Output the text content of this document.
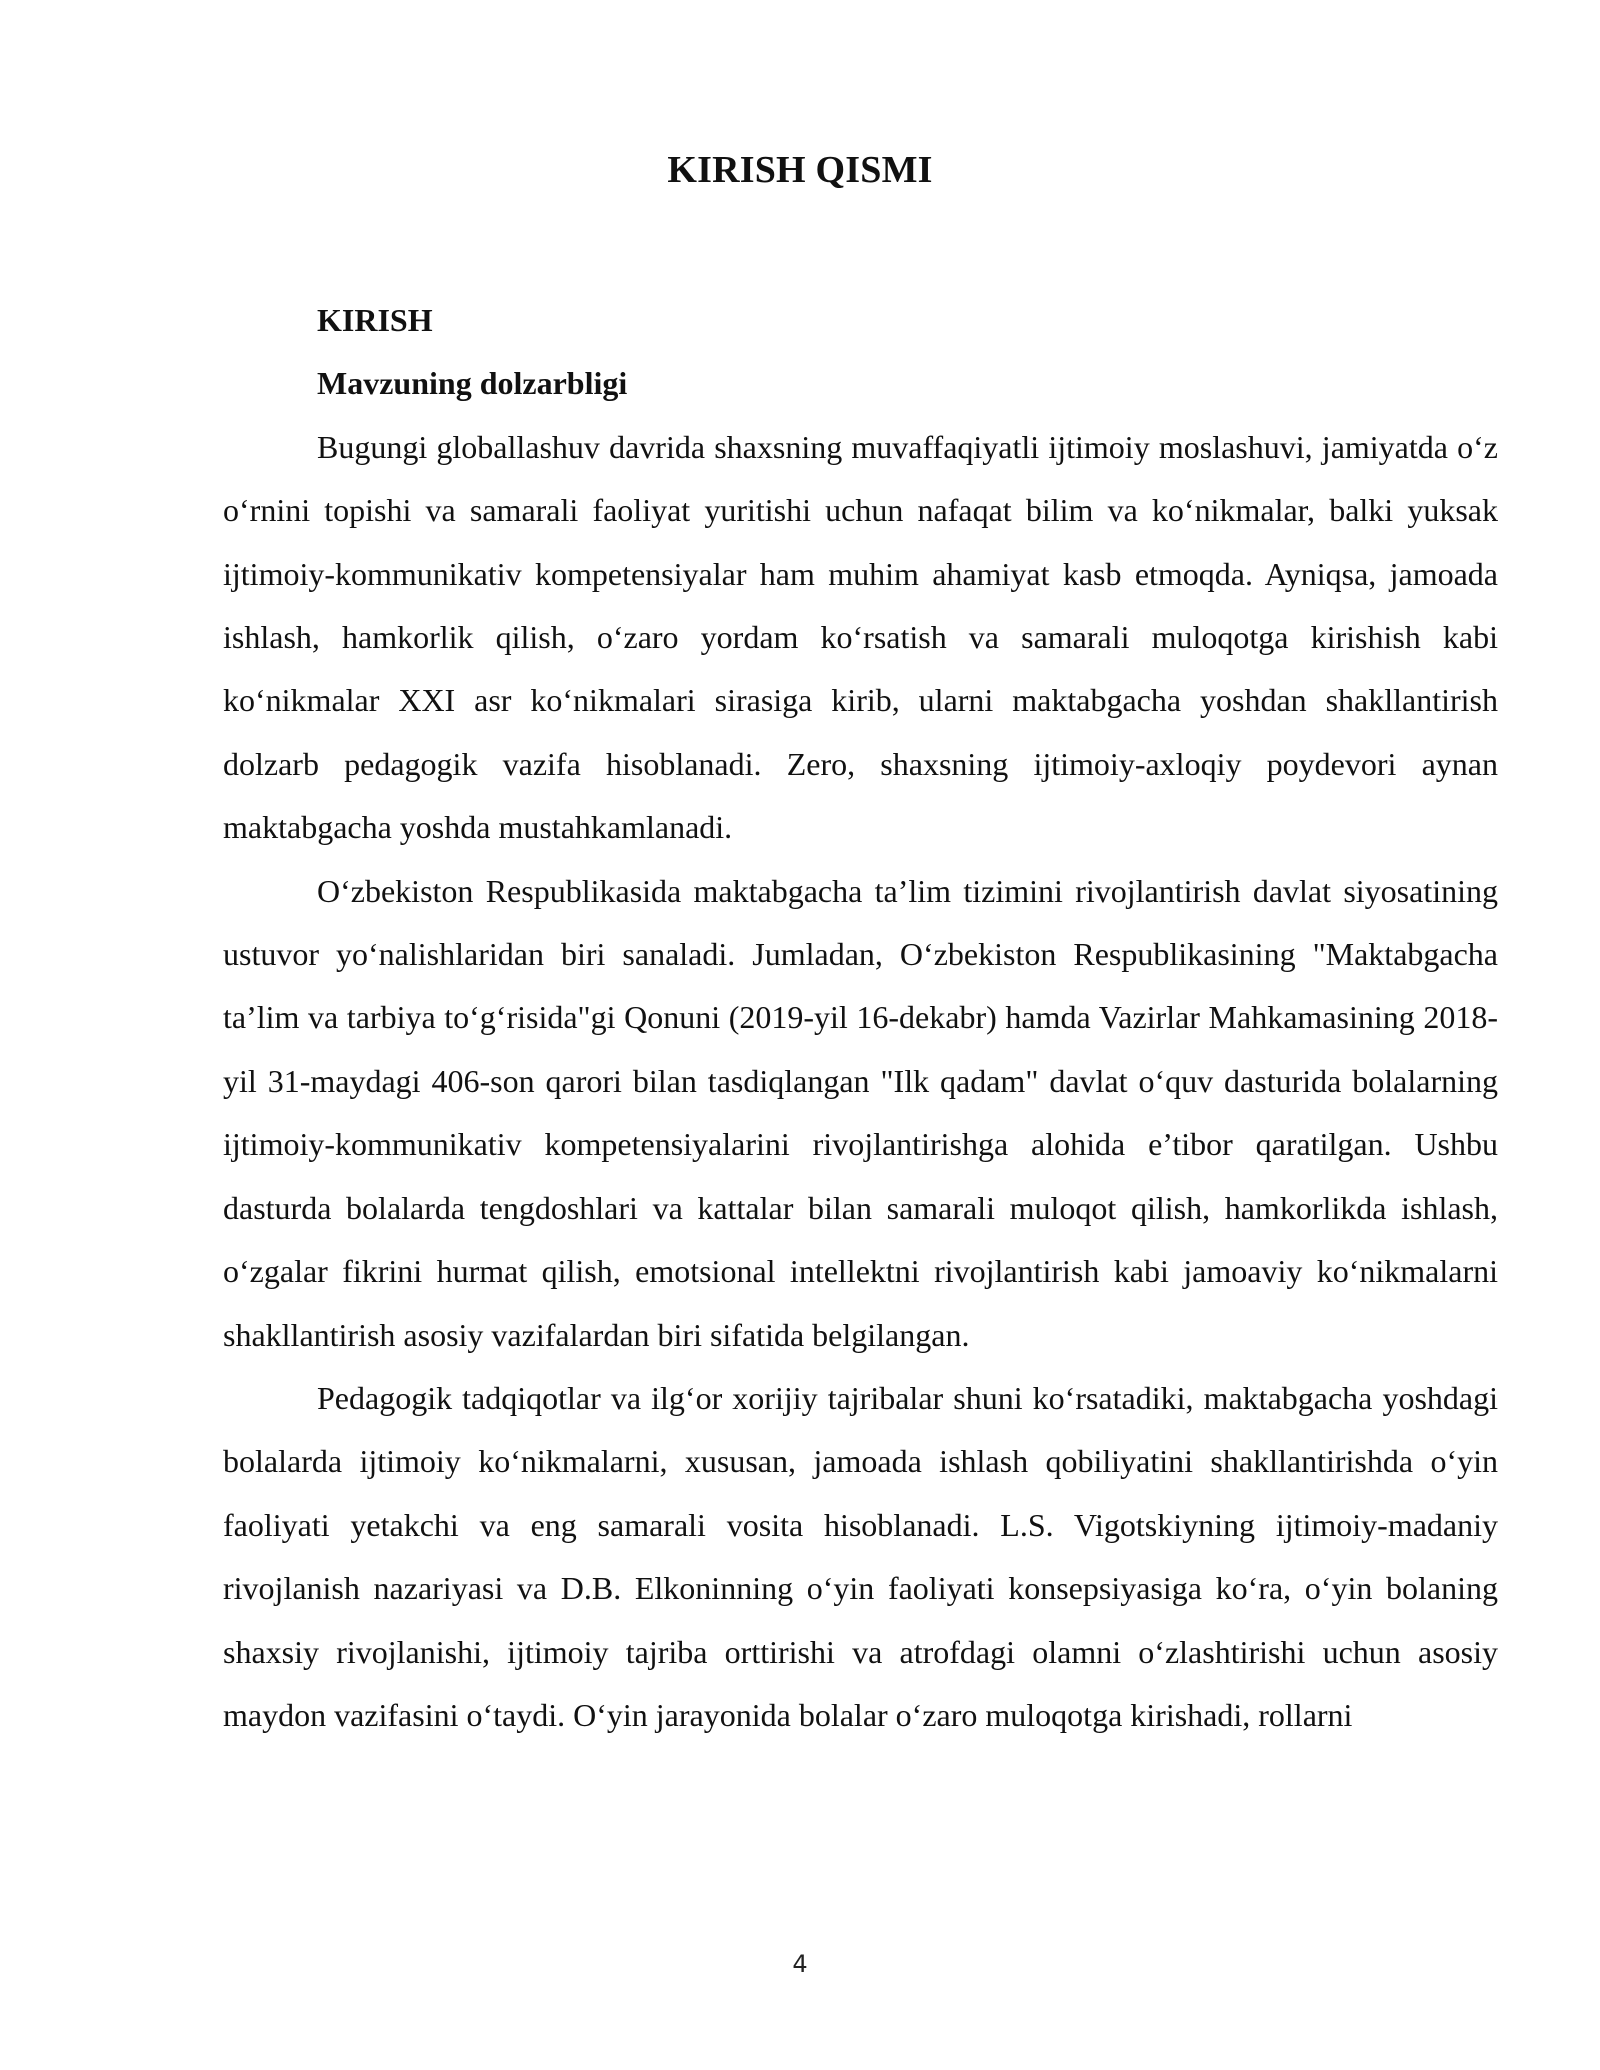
KIRISH QISMI
KIRISH
Mavzuning dolzarbligi

Bugungi globallashuv davrida shaxsning muvaffaqiyatli ijtimoiy moslashuvi, jamiyatda o‘z o‘rnini topishi va samarali faoliyat yuritishi uchun nafaqat bilim va ko‘nikmalar, balki yuksak ijtimoiy-kommunikativ kompetensiyalar ham muhim ahamiyat kasb etmoqda. Ayniqsa, jamoada ishlash, hamkorlik qilish, o‘zaro yordam ko‘rsatish va samarali muloqotga kirishish kabi ko‘nikmalar XXI asr ko‘nikmalari sirasiga kirib, ularni maktabgacha yoshdan shakllantirish dolzarb pedagogik vazifa hisoblanadi. Zero, shaxsning ijtimoiy-axloqiy poydevori aynan maktabgacha yoshda mustahkamlanadi.

O‘zbekiston Respublikasida maktabgacha ta’lim tizimini rivojlantirish davlat siyosatining ustuvor yo‘nalishlaridan biri sanaladi. Jumladan, O‘zbekiston Respublikasining "Maktabgacha ta’lim va tarbiya to‘g‘risida"gi Qonuni (2019-yil 16-dekabr) hamda Vazirlar Mahkamasining 2018-yil 31-maydagi 406-son qarori bilan tasdiqlangan "Ilk qadam" davlat o‘quv dasturida bolalarning ijtimoiy-kommunikativ kompetensiyalarini rivojlantirishga alohida e’tibor qaratilgan. Ushbu dasturda bolalarda tengdoshlari va kattalar bilan samarali muloqot qilish, hamkorlikda ishlash, o‘zgalar fikrini hurmat qilish, emotsional intellektni rivojlantirish kabi jamoaviy ko‘nikmalarni shakllantirish asosiy vazifalardan biri sifatida belgilangan.

Pedagogik tadqiqotlar va ilg‘or xorijiy tajribalar shuni ko‘rsatadiki, maktabgacha yoshdagi bolalarda ijtimoiy ko‘nikmalarni, xususan, jamoada ishlash qobiliyatini shakllantirishda o‘yin faoliyati yetakchi va eng samarali vosita hisoblanadi. L.S. Vigotskiyning ijtimoiy-madaniy rivojlanish nazariyasi va D.B. Elkoninning o‘yin faoliyati konsepsiyasiga ko‘ra, o‘yin bolaning shaxsiy rivojlanishi, ijtimoiy tajriba orttirishi va atrofdagi olamni o‘zlashtirishi uchun asosiy maydon vazifasini o‘taydi. O‘yin jarayonida bolalar o‘zaro muloqotga kirishadi, rollarni

4
